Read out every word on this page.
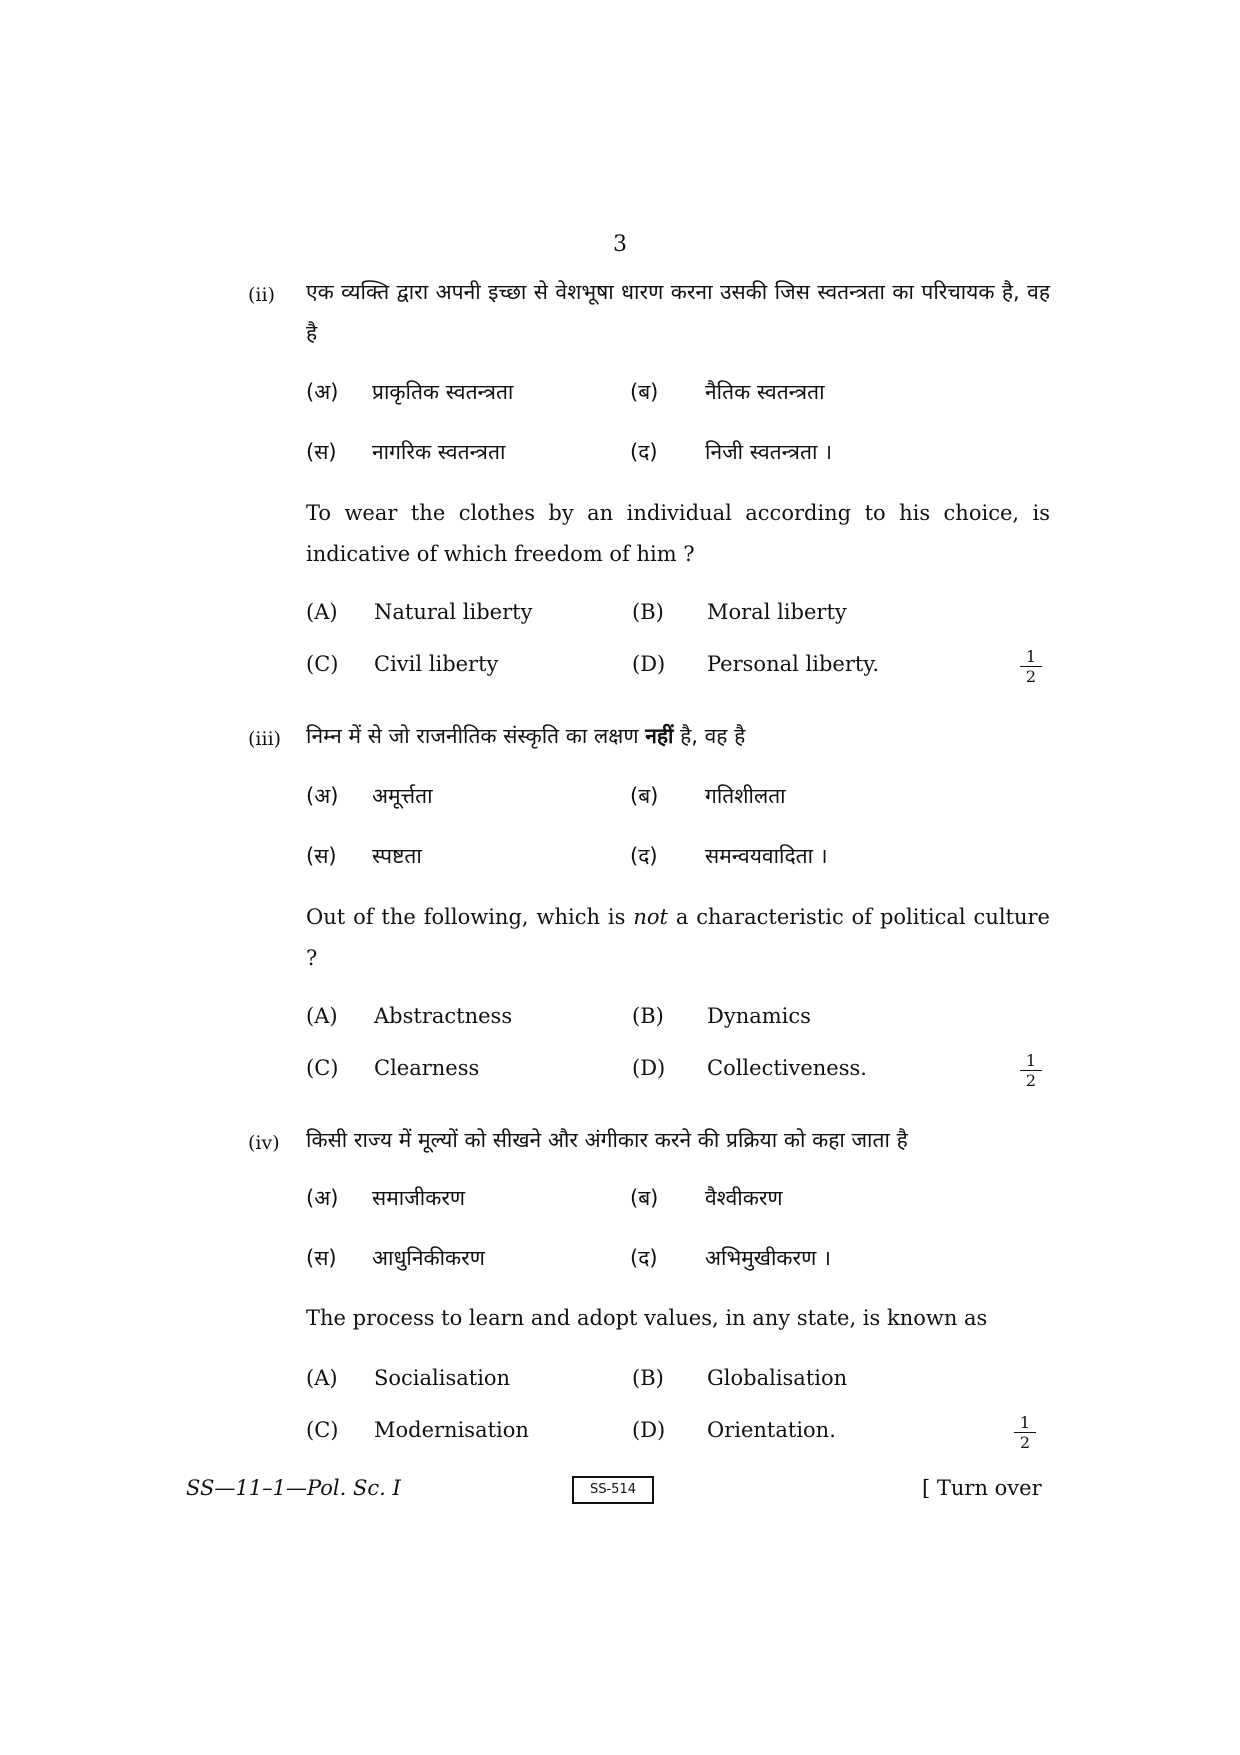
3
(ii) एक व्यक्ति द्वारा अपनी इच्छा से वेशभूषा धारण करना उसकी जिस स्वतन्त्रता का परिचायक है, वह है
(अ) प्राकृतिक स्वतन्त्रता	(ब) नैतिक स्वतन्त्रता
(स) नागरिक स्वतन्त्रता	(द) निजी स्वतन्त्रता ।
To wear the clothes by an individual according to his choice, is indicative of which freedom of him ?
(A) Natural liberty	(B) Moral liberty
(C) Civil liberty	(D) Personal liberty.	$\frac{1}{2}$
(iii) निम्न में से जो राजनीतिक संस्कृति का लक्षण नहीं है, वह है
(अ) अमूर्त्तता	(ब) गतिशीलता
(स) स्पष्टता	(द) समन्वयवादिता ।
Out of the following, which is not a characteristic of political culture ?
(A) Abstractness	(B) Dynamics
(C) Clearness	(D) Collectiveness.	$\frac{1}{2}$
(iv) किसी राज्य में मूल्यों को सीखने और अंगीकार करने की प्रक्रिया को कहा जाता है
(अ) समाजीकरण	(ब) वैश्वीकरण
(स) आधुनिकीकरण	(द) अभिमुखीकरण ।
The process to learn and adopt values, in any state, is known as
(A) Socialisation	(B) Globalisation
(C) Modernisation	(D) Orientation.	$\frac{1}{2}$
SS—11–1—Pol. Sc. I	SS-514	[ Turn over
